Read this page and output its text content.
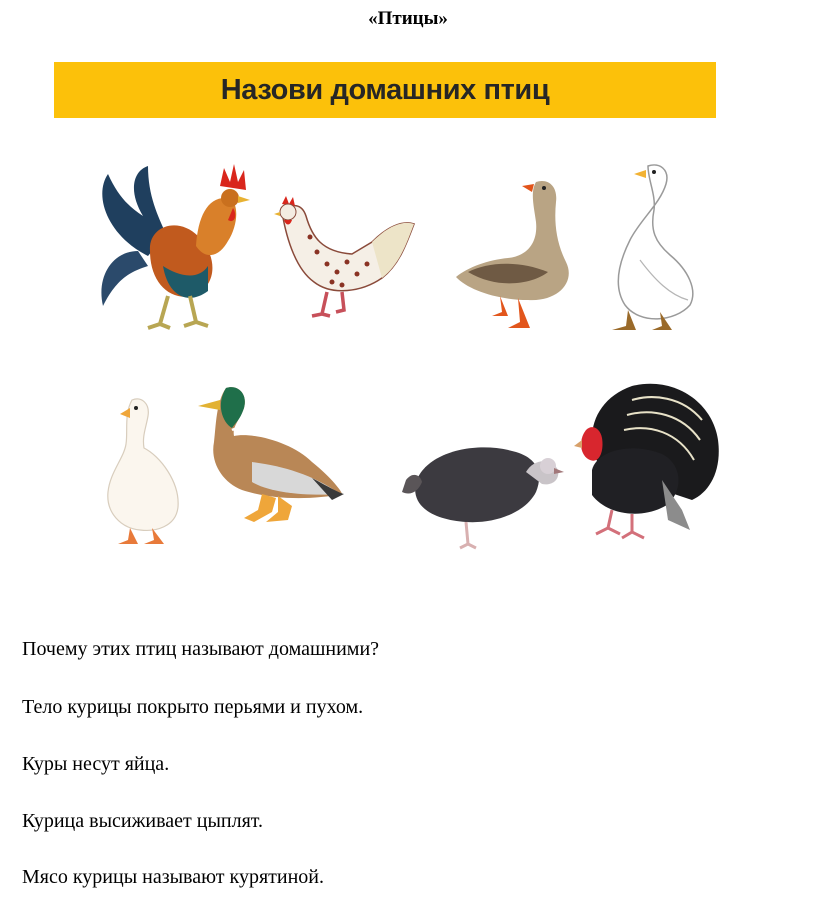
«Птицы»
Назови домашних птиц
Почему этих птиц называют домашними?
Тело курицы покрыто перьями и пухом.
Куры несут яйца.
Курица высиживает цыплят.
Мясо курицы называют курятиной.
